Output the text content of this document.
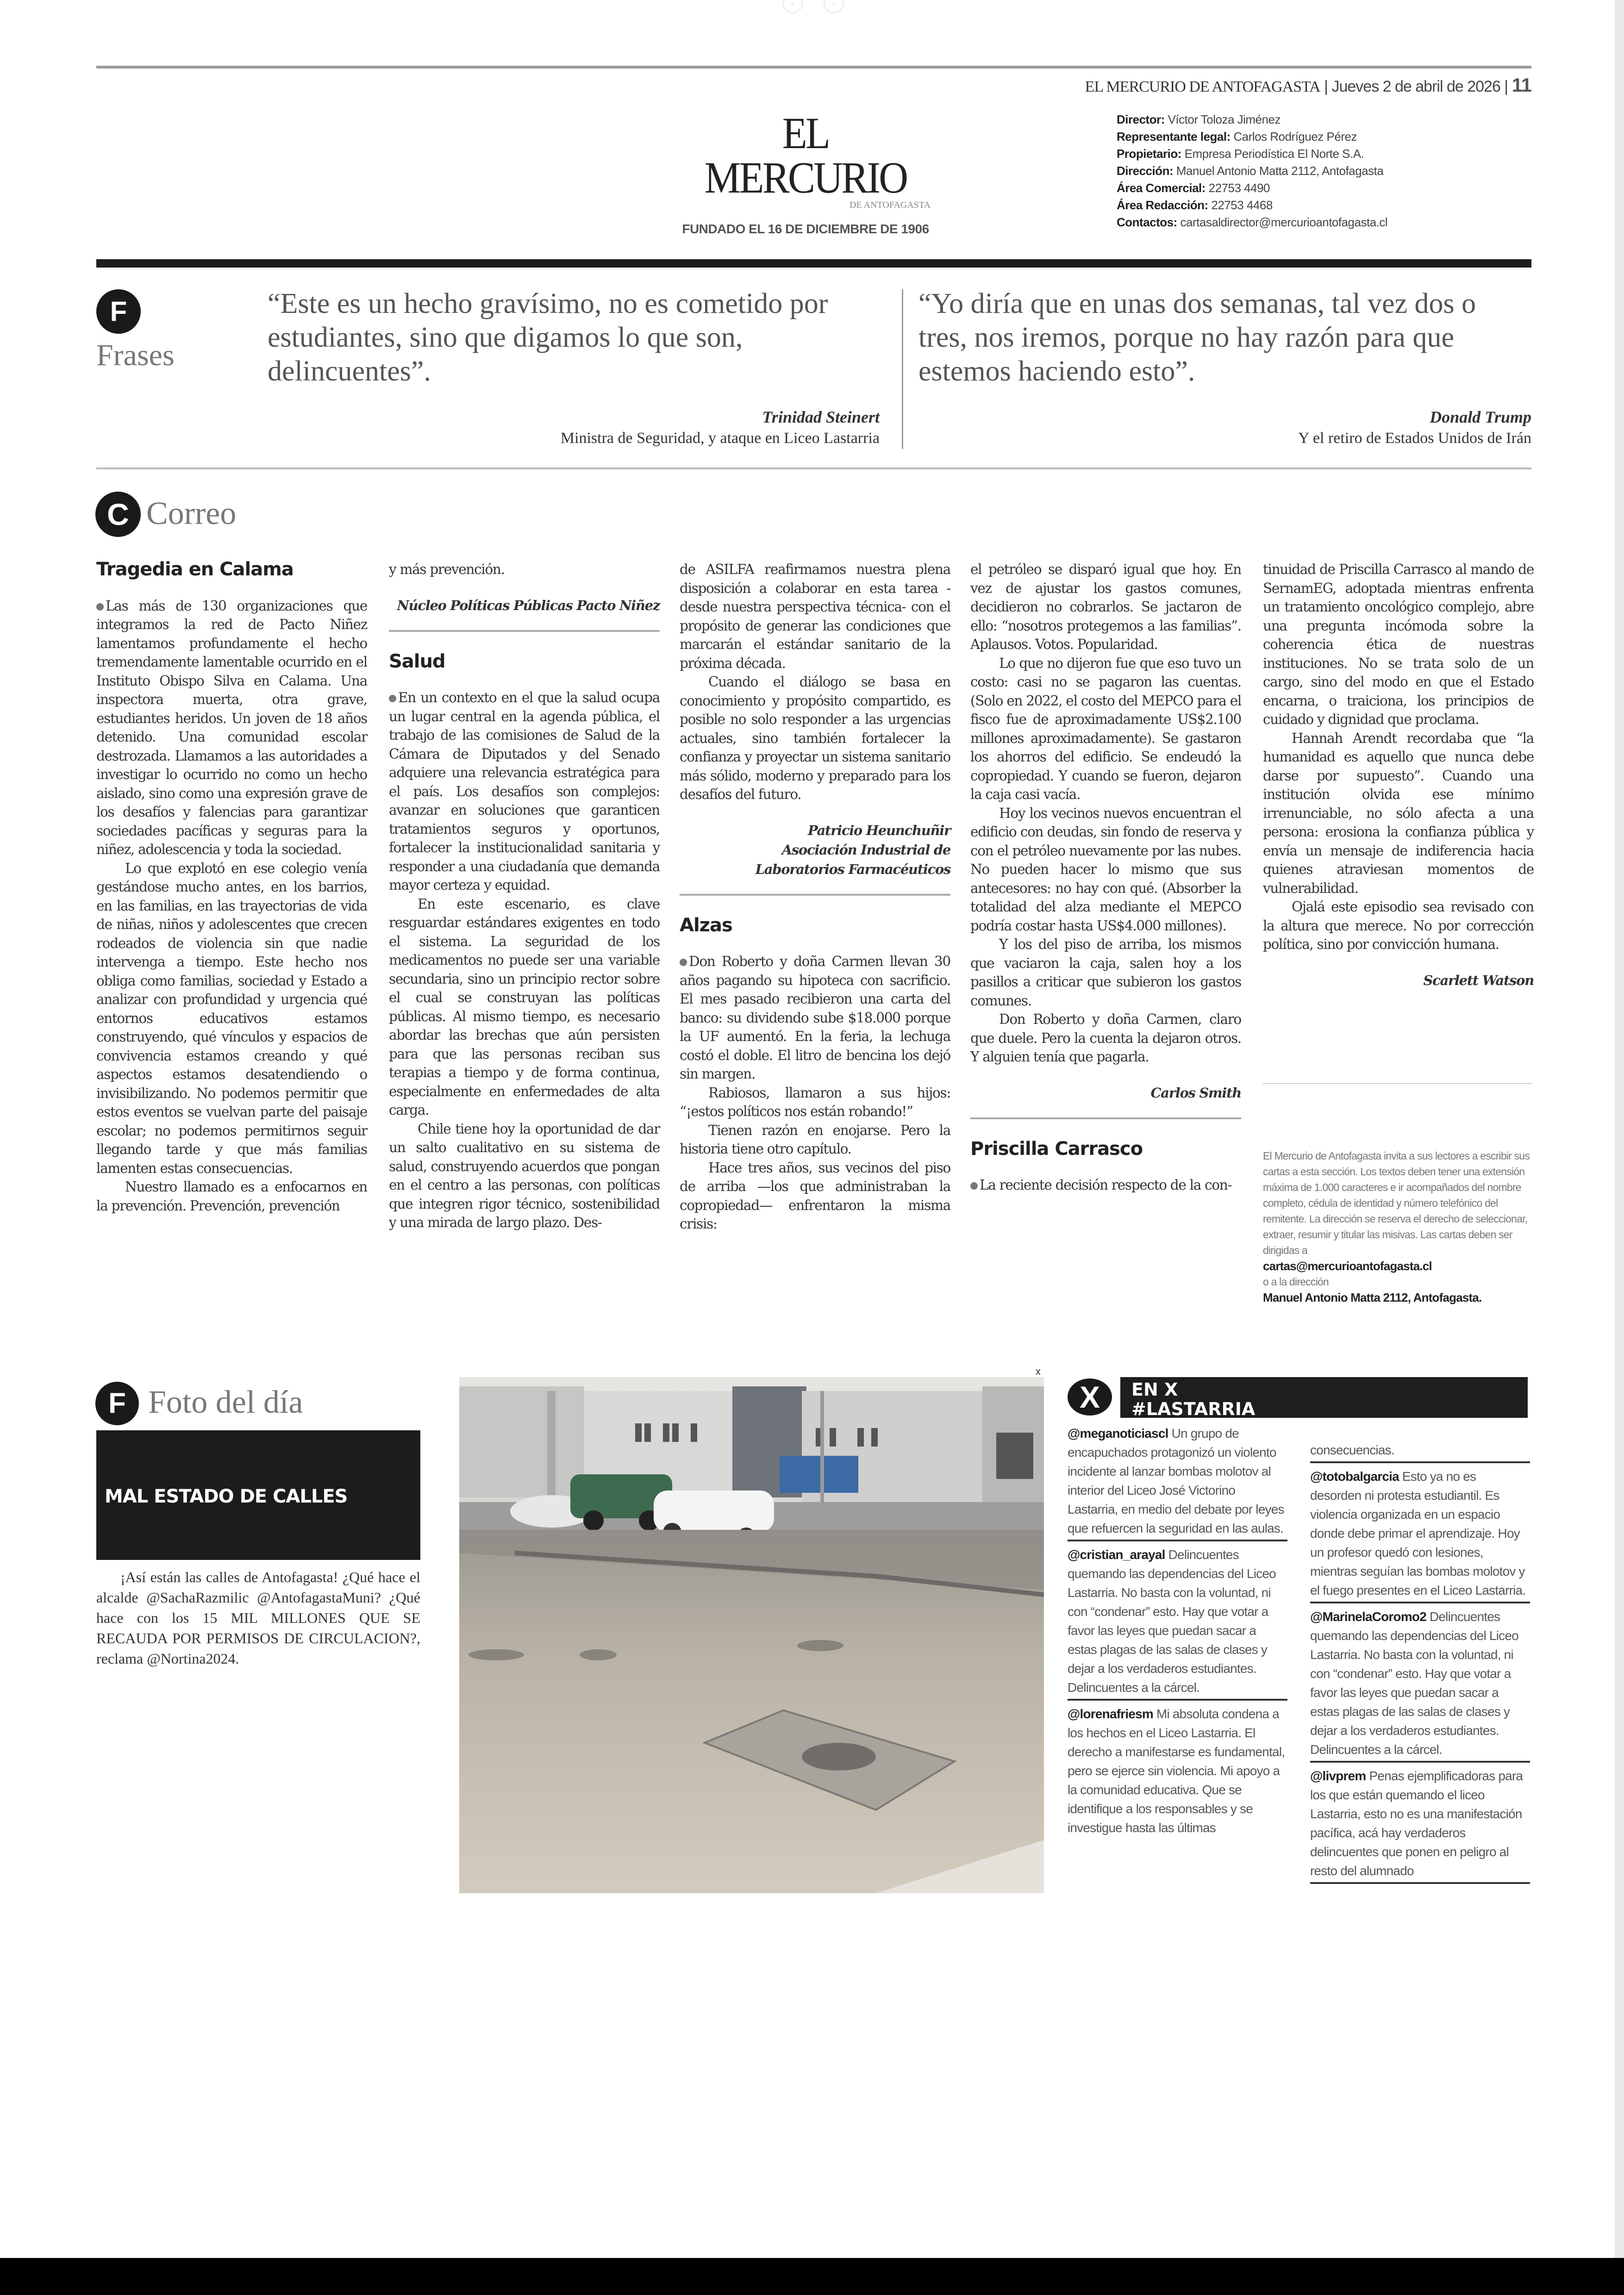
‹	›
EL MERCURIO DE ANTOFAGASTA | Jueves 2 de abril de 2026 | 11
EL MERCURIO
DE ANTOFAGASTA
FUNDADO EL 16 DE DICIEMBRE DE 1906
Director: Víctor Toloza Jiménez
Representante legal: Carlos Rodríguez Pérez
Propietario: Empresa Periodística El Norte S.A.
Dirección: Manuel Antonio Matta 2112, Antofagasta
Área Comercial: 22753 4490
Área Redacción: 22753 4468
Contactos: cartasaldirector@mercurioantofagasta.cl
F
Frases
“Este es un hecho gravísimo, no es cometido por estudiantes, sino que digamos lo que son, delincuentes”.
Trinidad Steinert
Ministra de Seguridad, y ataque en Liceo Lastarria
“Yo diría que en unas dos semanas, tal vez dos o tres, nos iremos, porque no hay razón para que estemos haciendo esto”.
Donald Trump
Y el retiro de Estados Unidos de Irán
C Correo
Tragedia en Calama

Las más de 130 organizaciones que integramos la red de Pacto Niñez lamentamos profundamente el hecho tremendamente lamentable ocurrido en el Instituto Obispo Silva en Calama. Una inspectora muerta, otra grave, estudiantes heridos. Un joven de 18 años detenido. Una comunidad escolar destrozada. Llamamos a las autoridades a investigar lo ocurrido no como un hecho aislado, sino como una expresión grave de los desafíos y falencias para garantizar sociedades pacíficas y seguras para la niñez, adolescencia y toda la sociedad.

Lo que explotó en ese colegio venía gestándose mucho antes, en los barrios, en las familias, en las trayectorias de vida de niñas, niños y adolescentes que crecen rodeados de violencia sin que nadie intervenga a tiempo. Este hecho nos obliga como familias, sociedad y Estado a analizar con profundidad y urgencia qué entornos educativos estamos construyendo, qué vínculos y espacios de convivencia estamos creando y qué aspectos estamos desatendiendo o invisibilizando. No podemos permitir que estos eventos se vuelvan parte del paisaje escolar; no podemos permitirnos seguir llegando tarde y que más familias lamenten estas consecuencias.

Nuestro llamado es a enfocarnos en la prevención. Prevención, prevención

y más prevención.

Núcleo Políticas Públicas Pacto Niñez
Salud

En un contexto en el que la salud ocupa un lugar central en la agenda pública, el trabajo de las comisiones de Salud de la Cámara de Diputados y del Senado adquiere una relevancia estratégica para el país. Los desafíos son complejos: avanzar en soluciones que garanticen tratamientos seguros y oportunos, fortalecer la institucionalidad sanitaria y responder a una ciudadanía que demanda mayor certeza y equidad.

En este escenario, es clave resguardar estándares exigentes en todo el sistema. La seguridad de los medicamentos no puede ser una variable secundaria, sino un principio rector sobre el cual se construyan las políticas públicas. Al mismo tiempo, es necesario abordar las brechas que aún persisten para que las personas reciban sus terapias a tiempo y de forma continua, especialmente en enfermedades de alta carga.

Chile tiene hoy la oportunidad de dar un salto cualitativo en su sistema de salud, construyendo acuerdos que pongan en el centro a las personas, con políticas que integren rigor técnico, sostenibilidad y una mirada de largo plazo. Des-

de ASILFA reafirmamos nuestra plena disposición a colaborar en esta tarea -desde nuestra perspectiva técnica- con el propósito de generar las condiciones que marcarán el estándar sanitario de la próxima década.

Cuando el diálogo se basa en conocimiento y propósito compartido, es posible no solo responder a las urgencias actuales, sino también fortalecer la confianza y proyectar un sistema sanitario más sólido, moderno y preparado para los desafíos del futuro.

Patricio Heunchuñir
Asociación Industrial de
Laboratorios Farmacéuticos
Alzas

Don Roberto y doña Carmen llevan 30 años pagando su hipoteca con sacrificio. El mes pasado recibieron una carta del banco: su dividendo sube $18.000 porque la UF aumentó. En la feria, la lechuga costó el doble. El litro de bencina los dejó sin margen.

Rabiosos, llamaron a sus hijos: “¡estos políticos nos están robando!”

Tienen razón en enojarse. Pero la historia tiene otro capítulo.

Hace tres años, sus vecinos del piso de arriba —los que administraban la copropiedad— enfrentaron la misma crisis:

el petróleo se disparó igual que hoy. En vez de ajustar los gastos comunes, decidieron no cobrarlos. Se jactaron de ello: “nosotros protegemos a las familias”. Aplausos. Votos. Popularidad.

Lo que no dijeron fue que eso tuvo un costo: casi no se pagaron las cuentas. (Solo en 2022, el costo del MEPCO para el fisco fue de aproximadamente US$2.100 millones aproximadamente). Se gastaron los ahorros del edificio. Se endeudó la copropiedad. Y cuando se fueron, dejaron la caja casi vacía.

Hoy los vecinos nuevos encuentran el edificio con deudas, sin fondo de reserva y con el petróleo nuevamente por las nubes. No pueden hacer lo mismo que sus antecesores: no hay con qué. (Absorber la totalidad del alza mediante el MEPCO podría costar hasta US$4.000 millones).

Y los del piso de arriba, los mismos que vaciaron la caja, salen hoy a los pasillos a criticar que subieron los gastos comunes.

Don Roberto y doña Carmen, claro que duele. Pero la cuenta la dejaron otros. Y alguien tenía que pagarla.

Carlos Smith
Priscilla Carrasco

La reciente decisión respecto de la con-

tinuidad de Priscilla Carrasco al mando de SernamEG, adoptada mientras enfrenta un tratamiento oncológico complejo, abre una pregunta incómoda sobre la coherencia ética de nuestras instituciones. No se trata solo de un cargo, sino del modo en que el Estado encarna, o traiciona, los principios de cuidado y dignidad que proclama.

Hannah Arendt recordaba que “la humanidad es aquello que nunca debe darse por supuesto”. Cuando una institución olvida ese mínimo irrenunciable, no sólo afecta a una persona: erosiona la confianza pública y envía un mensaje de indiferencia hacia quienes atraviesan momentos de vulnerabilidad.

Ojalá este episodio sea revisado con la altura que merece. No por corrección política, sino por convicción humana.

Scarlett Watson
El Mercurio de Antofagasta invita a sus lectores a escribir sus cartas a esta sección. Los textos deben tener una extensión máxima de 1.000 caracteres e ir acompañados del nombre completo, cédula de identidad y número telefónico del remitente. La dirección se reserva el derecho de seleccionar, extraer, resumir y titular las misivas. Las cartas deben ser dirigidas a
cartas@mercurioantofagasta.cl
o a la dirección
Manuel Antonio Matta 2112, Antofagasta.
F Foto del día
MAL ESTADO DE CALLES
¡Así están las calles de Antofagasta! ¿Qué hace el alcalde @SachaRazmilic @AntofagastaMuni? ¿Qué hace con los 15 MIL MILLONES QUE SE RECAUDA POR PERMISOS DE CIRCULACION?, reclama @Nortina2024.
x
X	EN X
#LASTARRIA
@meganoticiascl Un grupo de encapuchados protagonizó un violento incidente al lanzar bombas molotov al interior del Liceo José Victorino Lastarria, en medio del debate por leyes que refuercen la seguridad en las aulas.
@cristian_arayal Delincuentes quemando las dependencias del Liceo Lastarria. No basta con la voluntad, ni con “condenar” esto. Hay que votar a favor las leyes que puedan sacar a estas plagas de las salas de clases y dejar a los verdaderos estudiantes. Delincuentes a la cárcel.
@lorenafriesm Mi absoluta condena a los hechos en el Liceo Lastarria. El derecho a manifestarse es fundamental, pero se ejerce sin violencia. Mi apoyo a la comunidad educativa. Que se identifique a los responsables y se investigue hasta las últimas
consecuencias.
@totobalgarcia Esto ya no es desorden ni protesta estudiantil. Es violencia organizada en un espacio donde debe primar el aprendizaje. Hoy un profesor quedó con lesiones, mientras seguían las bombas molotov y el fuego presentes en el Liceo Lastarria.
@MarinelaCoromo2 Delincuentes quemando las dependencias del Liceo Lastarria. No basta con la voluntad, ni con “condenar” esto. Hay que votar a favor las leyes que puedan sacar a estas plagas de las salas de clases y dejar a los verdaderos estudiantes. Delincuentes a la cárcel.
@livprem Penas ejemplificadoras para los que están quemando el liceo Lastarria, esto no es una manifestación pacífica, acá hay verdaderos delincuentes que ponen en peligro al resto del alumnado
